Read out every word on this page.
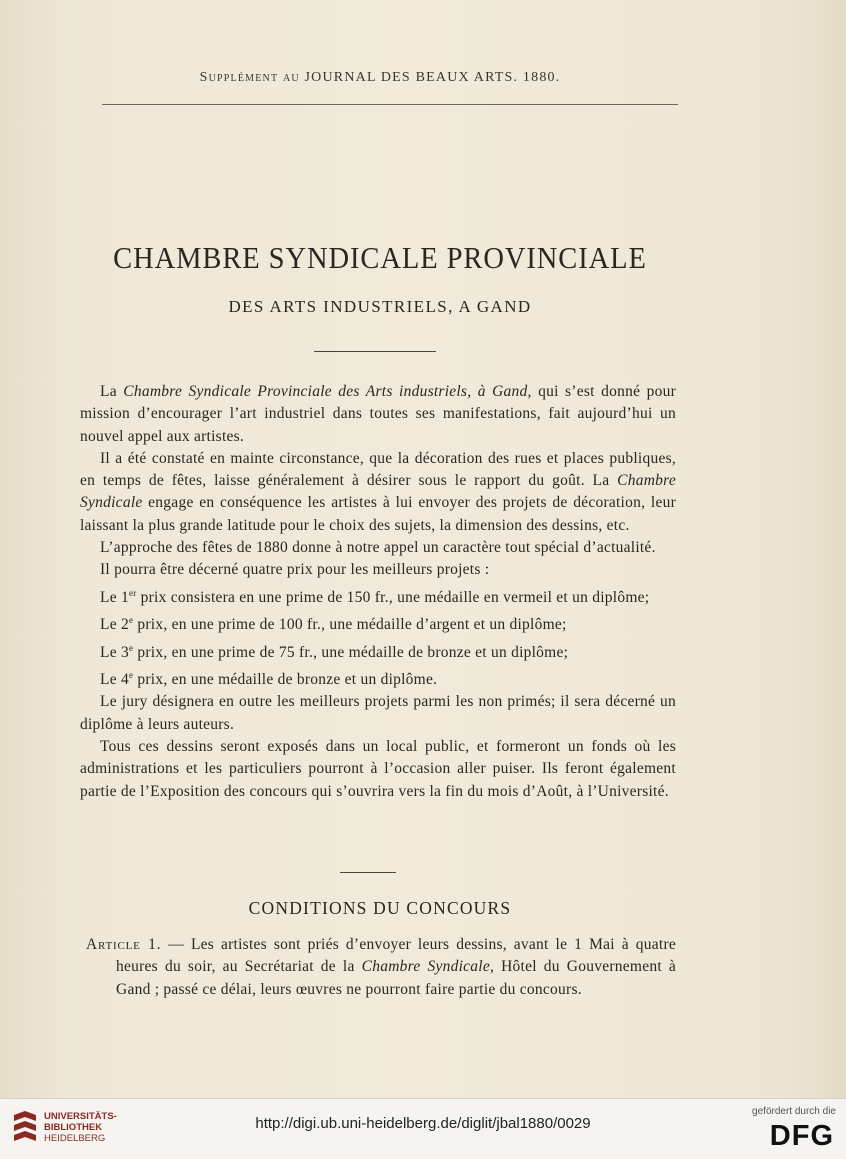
Supplément au JOURNAL DES BEAUX ARTS. 1880.
CHAMBRE SYNDICALE PROVINCIALE
DES ARTS INDUSTRIELS, A GAND

La Chambre Syndicale Provinciale des Arts industriels, à Gand, qui s’est donné pour mission d’encourager l’art industriel dans toutes ses manifestations, fait aujourd’hui un nouvel appel aux artistes.

Il a été constaté en mainte circonstance, que la décoration des rues et places publiques, en temps de fêtes, laisse généralement à désirer sous le rapport du goût. La Chambre Syndicale engage en conséquence les artistes à lui envoyer des projets de décoration, leur laissant la plus grande latitude pour le choix des sujets, la dimension des dessins, etc.

L’approche des fêtes de 1880 donne à notre appel un caractère tout spécial d’actualité.

Il pourra être décerné quatre prix pour les meilleurs projets :

Le 1er prix consistera en une prime de 150 fr., une médaille en vermeil et un diplôme;

Le 2e prix, en une prime de 100 fr., une médaille d’argent et un diplôme;

Le 3e prix, en une prime de 75 fr., une médaille de bronze et un diplôme;

Le 4e prix, en une médaille de bronze et un diplôme.

Le jury désignera en outre les meilleurs projets parmi les non primés; il sera décerné un diplôme à leurs auteurs.

Tous ces dessins seront exposés dans un local public, et formeront un fonds où les administrations et les particuliers pourront à l’occasion aller puiser. Ils feront également partie de l’Exposition des concours qui s’ouvrira vers la fin du mois d’Août, à l’Université.

CONDITIONS DU CONCOURS
Article 1. — Les artistes sont priés d’envoyer leurs dessins, avant le 1 Mai à quatre heures du soir, au Secrétariat de la Chambre Syndicale, Hôtel du Gouvernement à Gand ; passé ce délai, leurs œuvres ne pourront faire partie du concours.
UNIVERSITÄTS-
BIBLIOTHEK
HEIDELBERG
http://digi.ub.uni-heidelberg.de/diglit/jbal1880/0029
gefördert durch die
DFG
